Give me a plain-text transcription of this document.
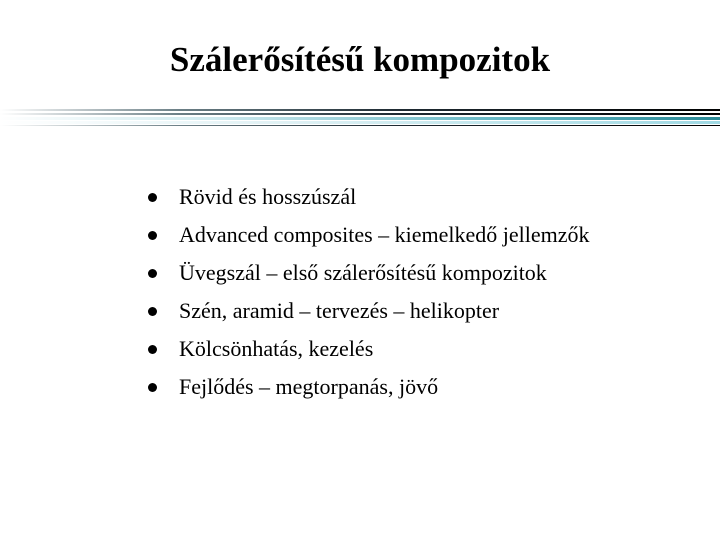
Szálerősítésű kompozitok
Rövid és hosszúszál
Advanced composites – kiemelkedő jellemzők
Üvegszál – első szálerősítésű kompozitok
Szén, aramid – tervezés – helikopter
Kölcsönhatás, kezelés
Fejlődés – megtorpanás, jövő
